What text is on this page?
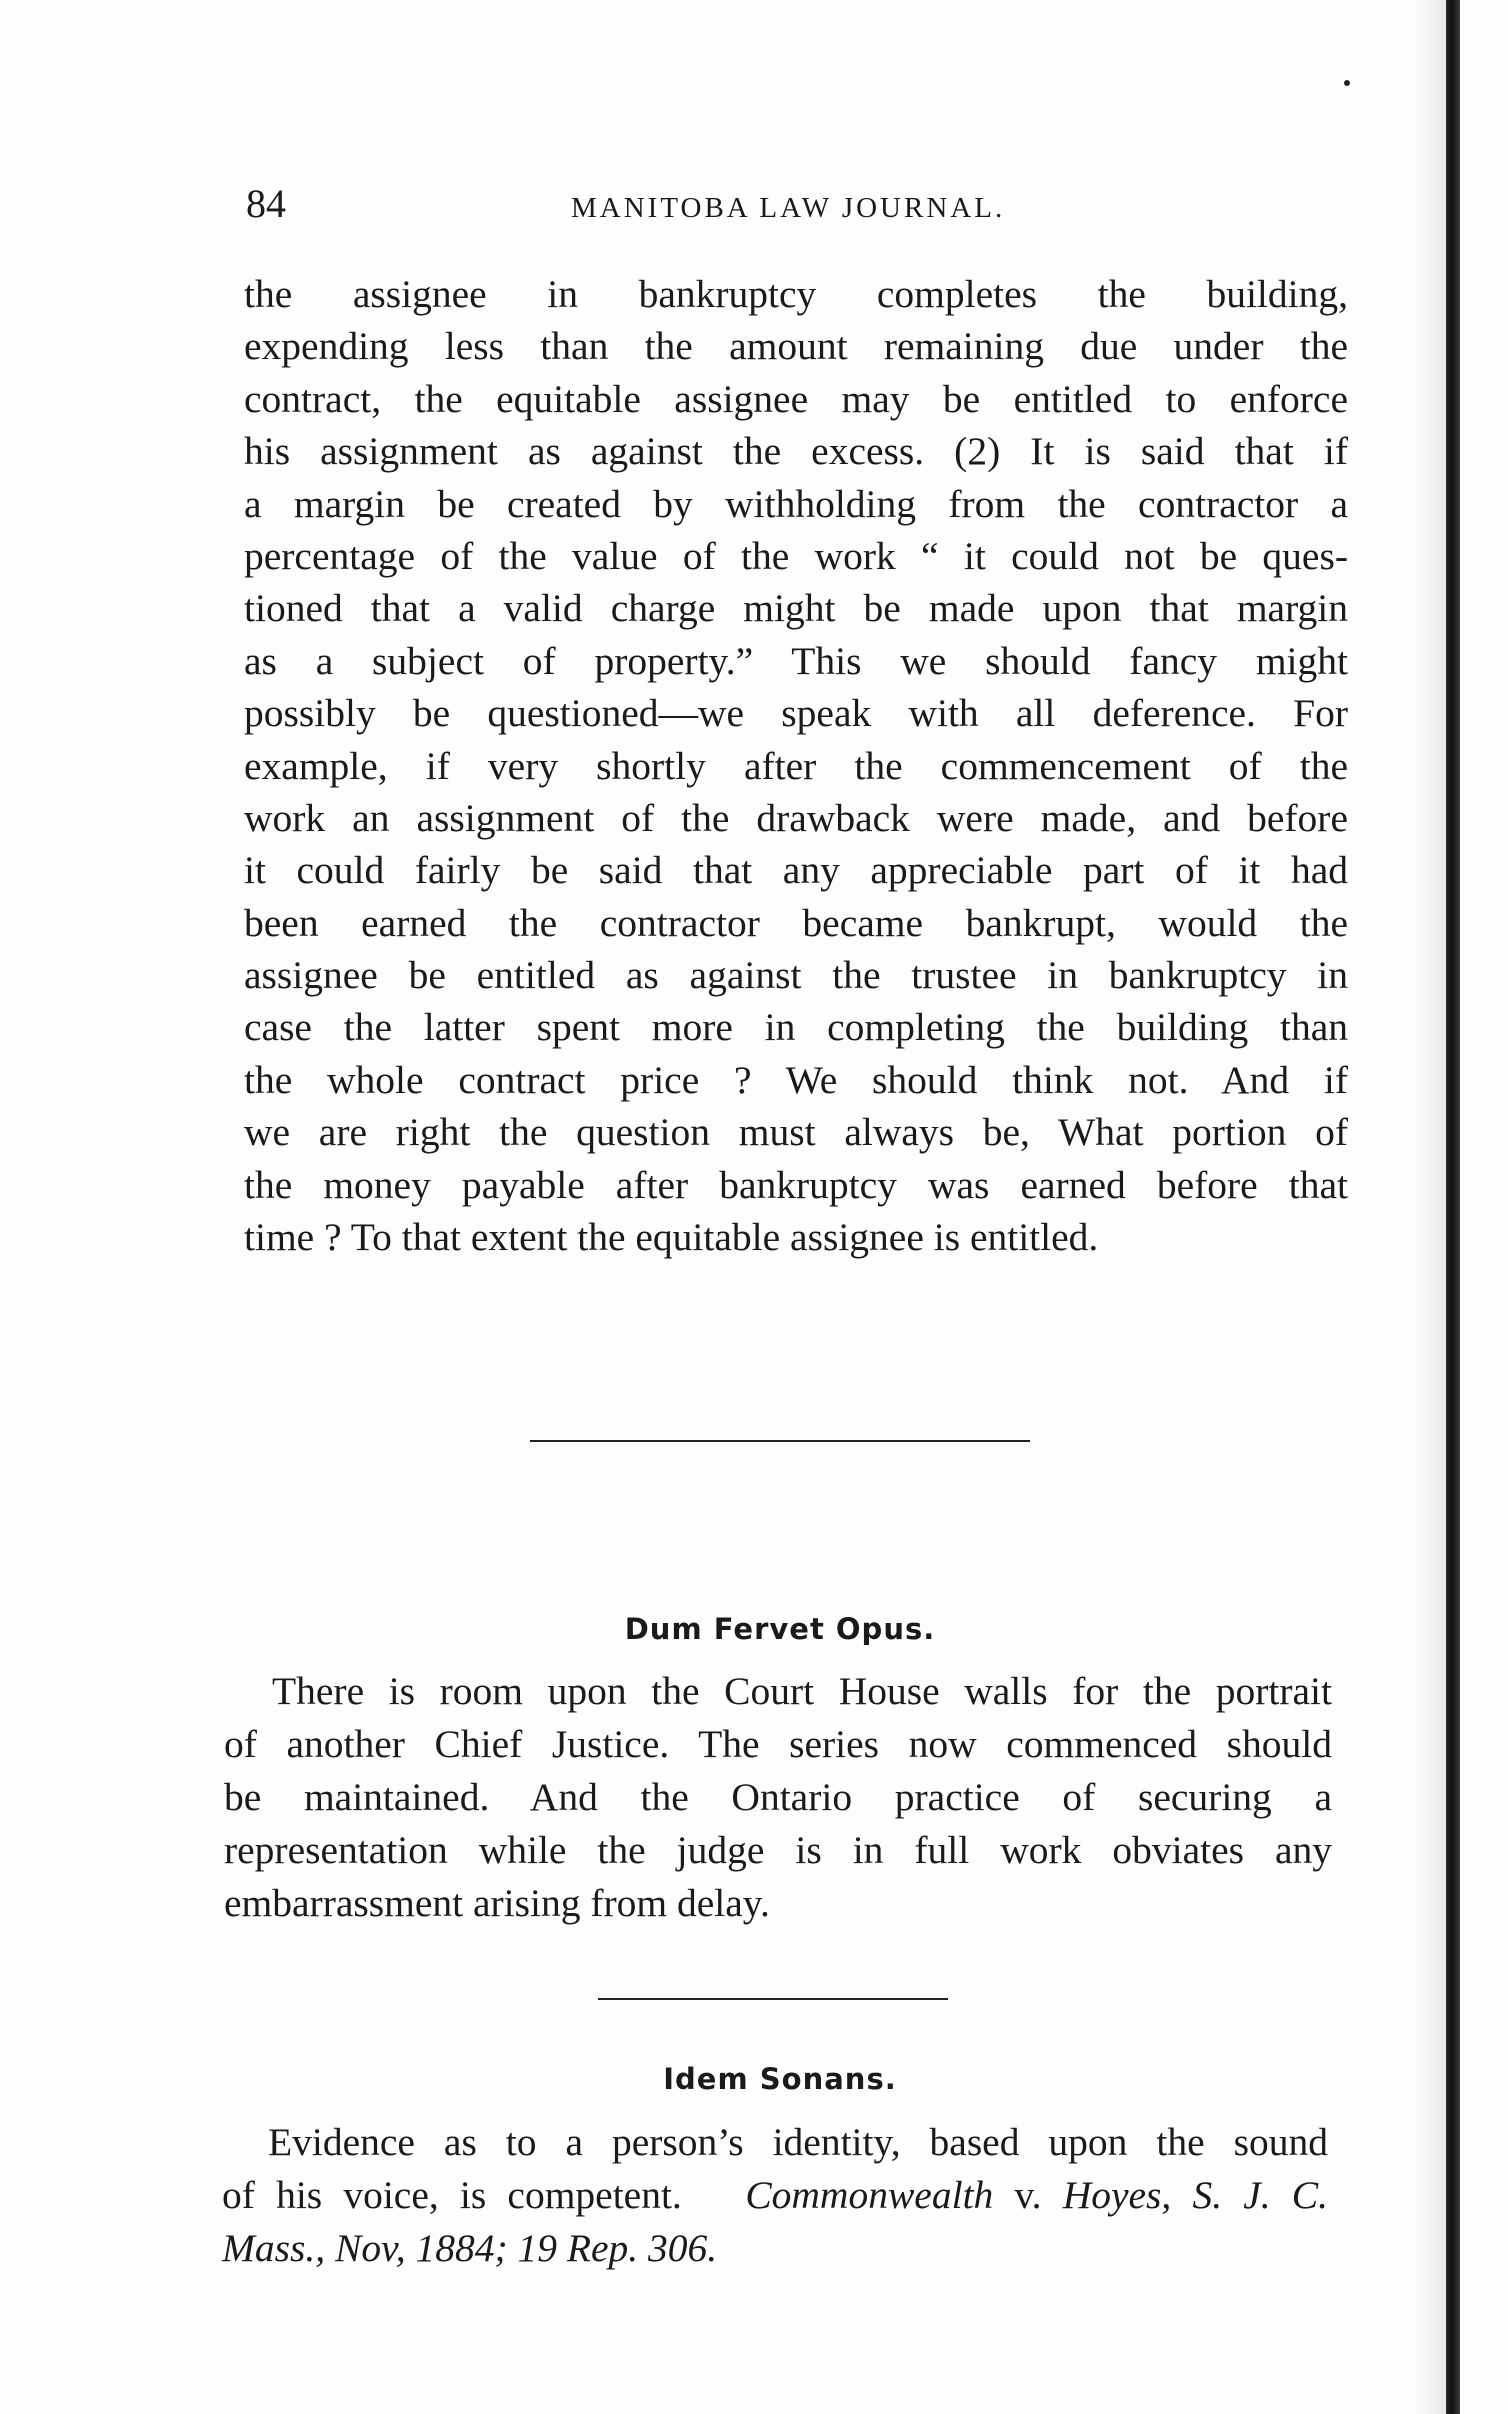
84	MANITOBA LAW JOURNAL.
the assignee in bankruptcy completes the building,
expending less than the amount remaining due under the
contract, the equitable assignee may be entitled to enforce
his assignment as against the excess. (2) It is said that if
a margin be created by withholding from the contractor a
percentage of the value of the work “ it could not be ques-
tioned that a valid charge might be made upon that margin
as a subject of property.” This we should fancy might
possibly be questioned—we speak with all deference. For
example, if very shortly after the commencement of the
work an assignment of the drawback were made, and before
it could fairly be said that any appreciable part of it had
been earned the contractor became bankrupt, would the
assignee be entitled as against the trustee in bankruptcy in
case the latter spent more in completing the building than
the whole contract price ? We should think not. And if
we are right the question must always be, What portion of
the money payable after bankruptcy was earned before that
time ? To that extent the equitable assignee is entitled.
Dum Fervet Opus.
There is room upon the Court House walls for the portrait
of another Chief Justice. The series now commenced should
be maintained. And the Ontario practice of securing a
representation while the judge is in full work obviates any
embarrassment arising from delay.
Idem Sonans.
Evidence as to a person’s identity, based upon the sound
of his voice, is competent. Commonwealth v. Hoyes, S. J. C.
Mass., Nov, 1884; 19 Rep. 306.
